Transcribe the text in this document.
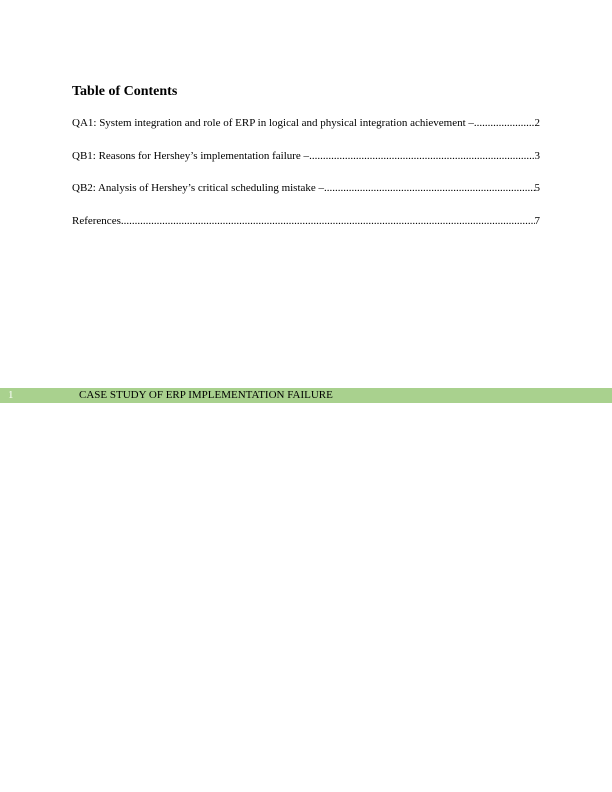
Table of Contents
QA1: System integration and role of ERP in logical and physical integration achievement – .....	2
QB1: Reasons for Hershey’s implementation failure – .....	3
QB2: Analysis of Hershey’s critical scheduling mistake – .....	5
References .....	7
1	CASE STUDY OF ERP IMPLEMENTATION FAILURE
